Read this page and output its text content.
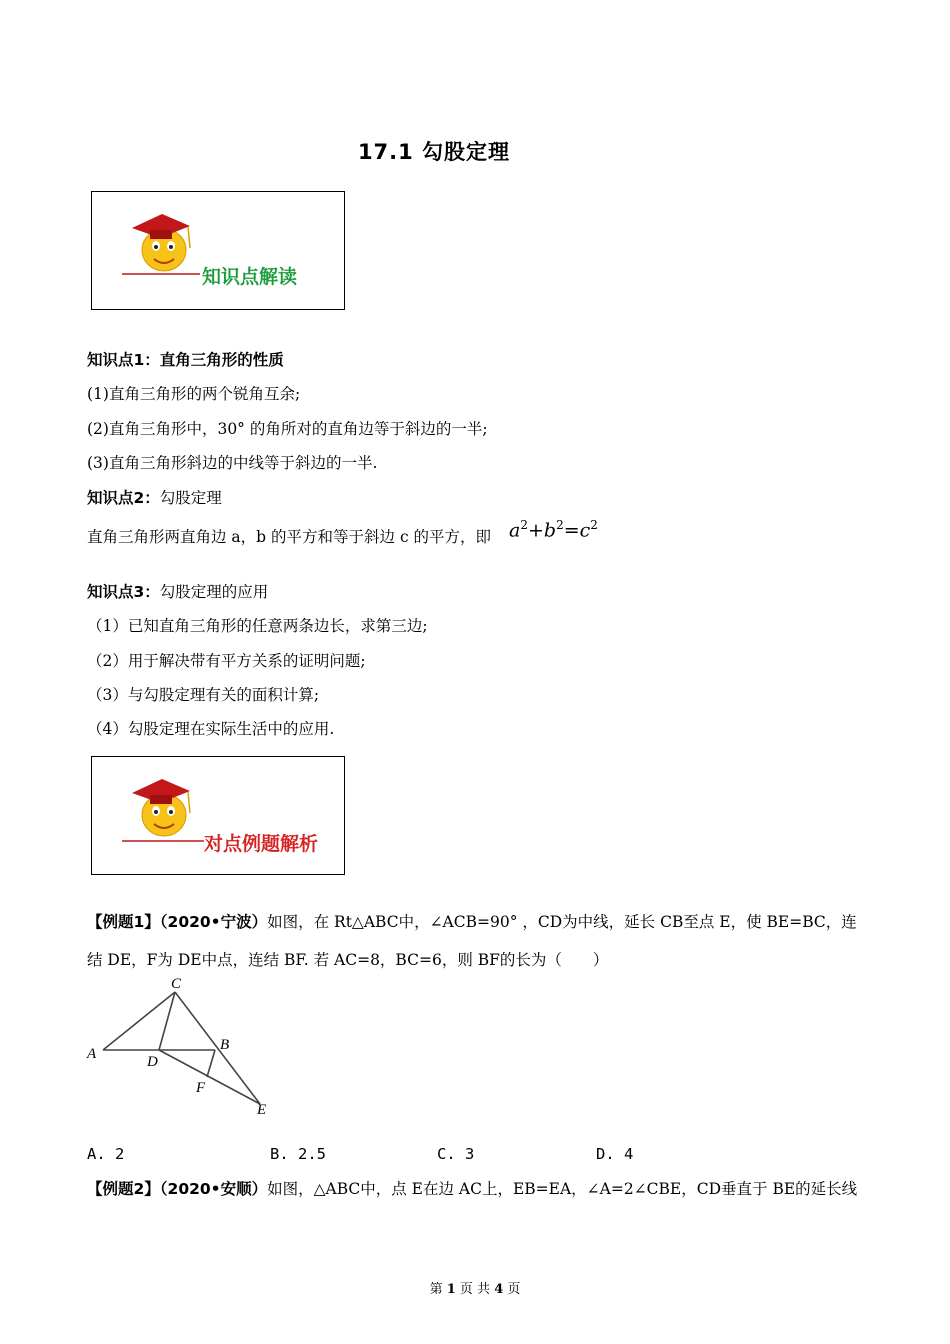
17.1 勾股定理
知识点解读
知识点1：直角三角形的性质
(1)直角三角形的两个锐角互余;
(2)直角三角形中，30° 的角所对的直角边等于斜边的一半;
(3)直角三角形斜边的中线等于斜边的一半.
知识点2：勾股定理
直角三角形两直角边 a，b 的平方和等于斜边 c 的平方，即 $a^2+b^2=c^2$
知识点3：勾股定理的应用
（1）已知直角三角形的任意两条边长，求第三边;
（2）用于解决带有平方关系的证明问题;
（3）与勾股定理有关的面积计算;
（4）勾股定理在实际生活中的应用.
对点例题解析
【例题1】（2020•宁波）如图，在 Rt△ABC中，∠ACB=90° ，CD为中线，延长 CB至点 E，使 BE=BC，连
结 DE，F为 DE中点，连结 BF. 若 AC=8，BC=6，则 BF的长为（　　）
C
A
B
D
F
E
A. 2	B. 2.5	C. 3	D. 4
【例题2】（2020•安顺）如图，△ABC中，点 E在边 AC上，EB=EA，∠A=2∠CBE，CD垂直于 BE的延长线
第 1 页 共 4 页
